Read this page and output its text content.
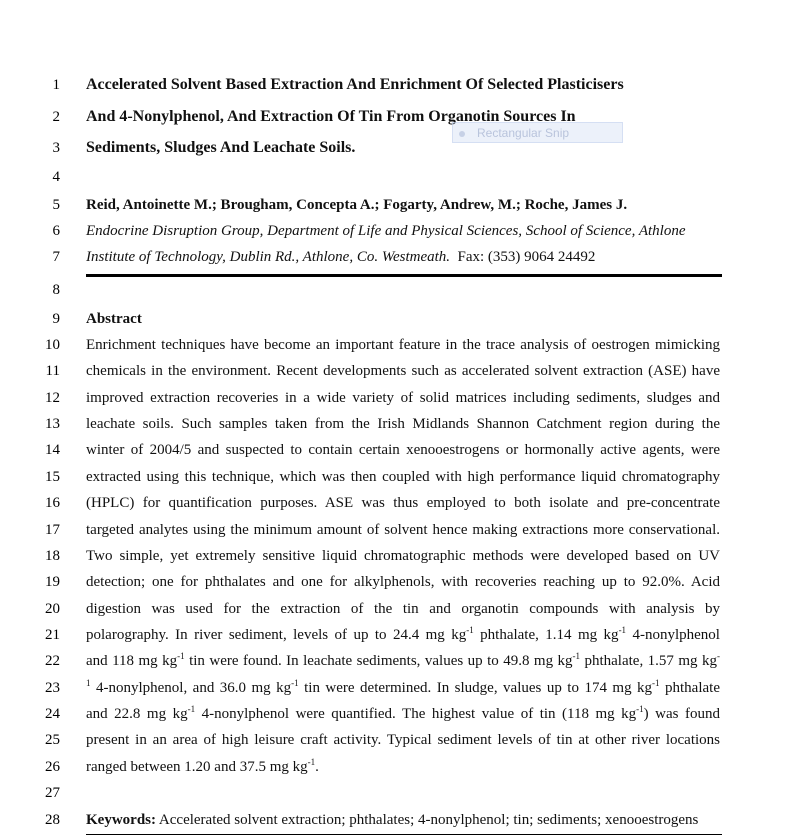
1
2
3
4
5
6
7
8
9
10
11
12
13
14
15
16
17
18
19
20
21
22
23
24
25
26
27
28
Accelerated Solvent Based Extraction And Enrichment Of Selected Plasticisers
And 4-Nonylphenol, And Extraction Of Tin From Organotin Sources In
Sediments, Sludges And Leachate Soils.
Rectangular Snip
Reid, Antoinette M.; Brougham, Concepta A.; Fogarty, Andrew, M.; Roche, James J.
Endocrine Disruption Group, Department of Life and Physical Sciences, School of Science, Athlone
Institute of Technology, Dublin Rd., Athlone, Co. Westmeath. Fax: (353) 9064 24492
Abstract
Enrichment techniques have become an important feature in the trace analysis of oestrogen mimicking
chemicals in the environment. Recent developments such as accelerated solvent extraction (ASE) have
improved extraction recoveries in a wide variety of solid matrices including sediments, sludges and
leachate soils. Such samples taken from the Irish Midlands Shannon Catchment region during the
winter of 2004/5 and suspected to contain certain xenooestrogens or hormonally active agents, were
extracted using this technique, which was then coupled with high performance liquid chromatography
(HPLC) for quantification purposes. ASE was thus employed to both isolate and pre-concentrate
targeted analytes using the minimum amount of solvent hence making extractions more conservational.
Two simple, yet extremely sensitive liquid chromatographic methods were developed based on UV
detection; one for phthalates and one for alkylphenols, with recoveries reaching up to 92.0%. Acid
digestion was used for the extraction of the tin and organotin compounds with analysis by
polarography. In river sediment, levels of up to 24.4 mg $kg^{-1}$ phthalate, 1.14 mg $kg^{-1}$ 4-nonylphenol
and 118 mg $kg^{-1}$ tin were found. In leachate sediments, values up to 49.8 mg $kg^{-1}$ phthalate, 1.57 mg kg-
$^1$ 4-nonylphenol, and 36.0 mg $kg^{-1}$ tin were determined. In sludge, values up to 174 mg $kg^{-1}$ phthalate
and 22.8 mg $kg^{-1}$ 4-nonylphenol were quantified. The highest value of tin (118 mg $kg^{-1}$) was found
present in an area of high leisure craft activity. Typical sediment levels of tin at other river locations
ranged between 1.20 and 37.5 mg $kg^{-1}$.
Keywords: Accelerated solvent extraction; phthalates; 4-nonylphenol; tin; sediments; xenooestrogens
